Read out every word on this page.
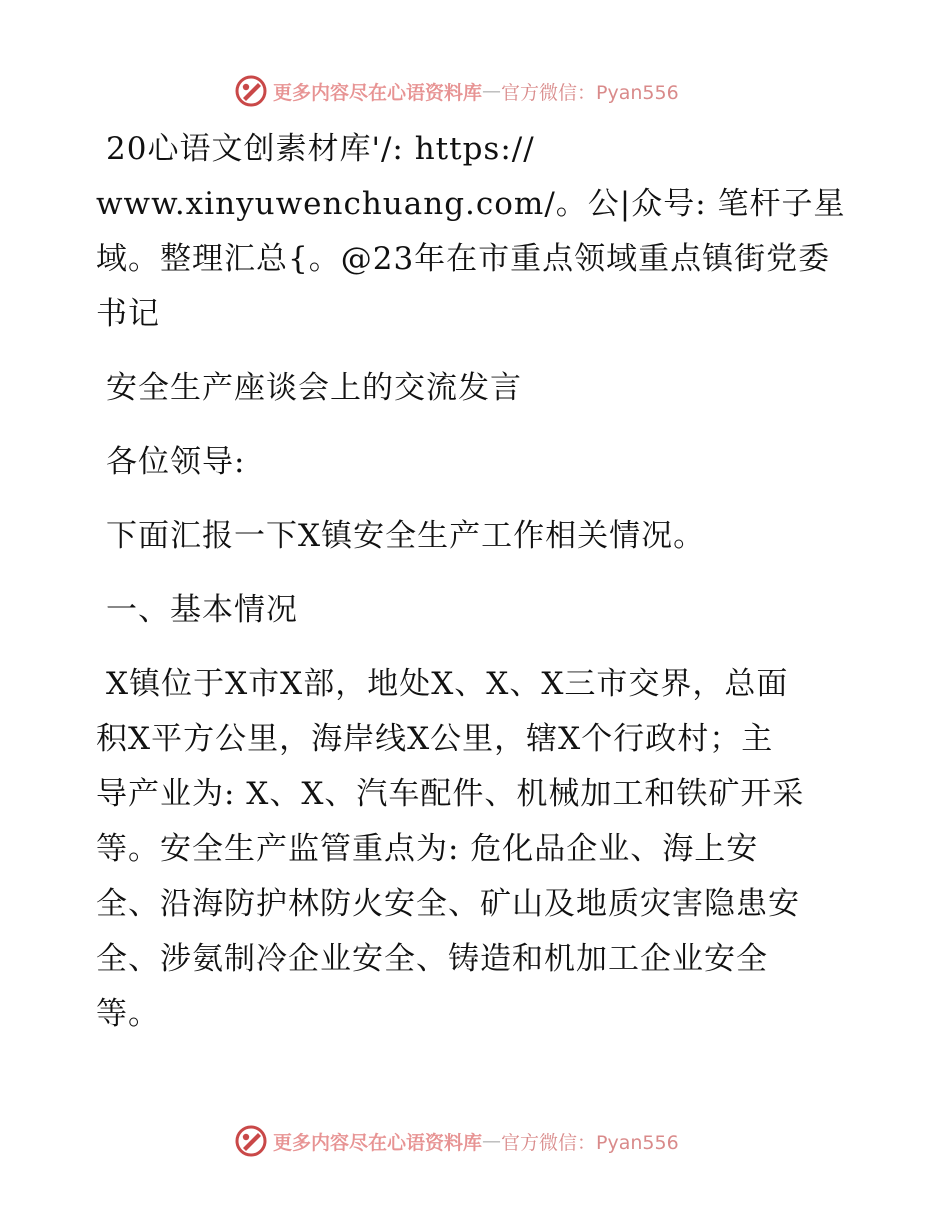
更多内容尽在心语资料库 — 官方微信：Pyan556

20心语文创素材库'/: https://

www.xinyuwenchuang.com/。公|众号: 笔杆子星

域。整理汇总{。@23年在市重点领域重点镇街党委

书记

安全生产座谈会上的交流发言

各位领导:

下面汇报一下X镇安全生产工作相关情况。

一、基本情况

X镇位于X市X部，地处X、X、X三市交界，总面

积X平方公里，海岸线X公里，辖X个行政村；主

导产业为: X、X、汽车配件、机械加工和铁矿开采

等。安全生产监管重点为: 危化品企业、海上安

全、沿海防护林防火安全、矿山及地质灾害隐患安

全、涉氨制冷企业安全、铸造和机加工企业安全

等。

更多内容尽在心语资料库 — 官方微信：Pyan556
